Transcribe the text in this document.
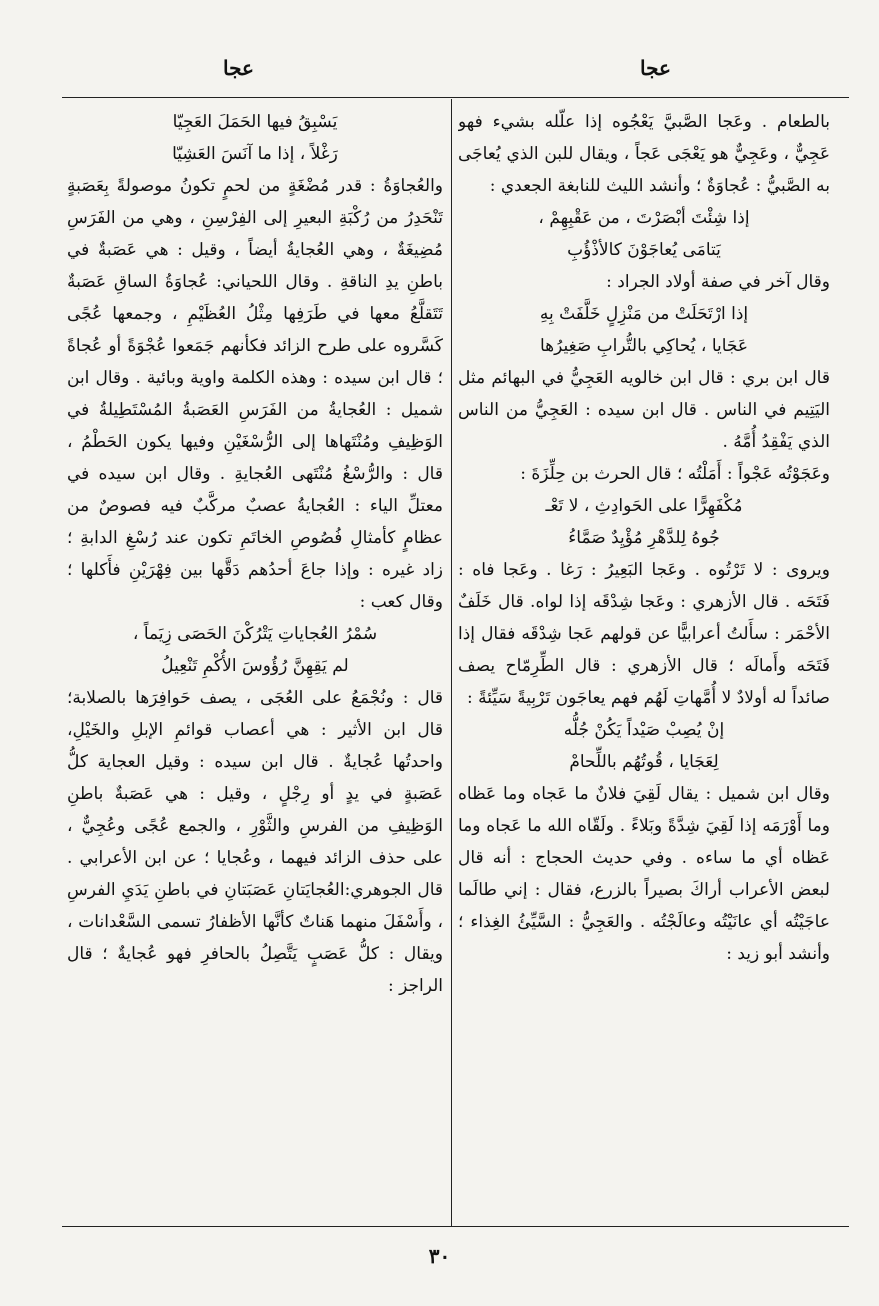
عجا
عجا

بالطعام . وعَجا الصَّبيَّ يَعْجُوه إذا علّله بشيء فهو عَجِيٌّ ، وعَجِيٌّ هو يَعْجَى عَجاً ، ويقال للبن الذي يُعاجَى به الصَّبيُّ : عُجاوَةٌ ؛ وأنشد الليث للنابغة الجعدي :

إذا شِئْتَ أبْصَرْتَ ، من عَقْبِهِمْ ،

يَتامَى يُعاجَوْنَ كالأذْؤُبِ

وقال آخر في صفة أولاد الجراد :

إذا ارْتَحَلَتْ من مَنْزِلٍ خَلَّفَتْ بِهِ

عَجَايا ، يُحاكِي بالتُّرابِ صَغِيرُها

قال ابن بري : قال ابن خالويه العَجِيُّ في البهائم مثل اليَتِيم في الناس . قال ابن سيده : العَجِيُّ من الناس الذي يَفْقِدُ أُمَّهُ .

وعَجَوْتُه عَجْواً : أَمَلْتُه ؛ قال الحرث بن حِلِّزَةَ :

مُكْفَهِرًّا على الحَوادِثِ ، لا تَعْـ

جُوهُ لِلدَّهْرِ مُؤْيِدٌ صَمَّاءُ

ويروى : لا تَرْتُوه . وعَجا البَعِيرُ : رَغا . وعَجا فاه : فَتَحَه . قال الأزهري : وعَجا شِدْقَه إذا لواه. قال خَلَفٌ الأحْمَر : سأَلتُ أعرابيًّا عن قولهم عَجا شِدْقَه فقال إذا فَتَحَه وأَمالَه ؛ قال الأزهري : قال الطِّرِمّاح يصف صائداً له أولادٌ لا أُمَّهاتِ لَهُم فهم يعاجَون تَرْبِيةً سَيِّئةً :

إنْ يُصِبْ صَيْداً يَكُنْ جُلُّه

لِعَجَايا ، قُوتُهُم باللِّحامْ

وقال ابن شميل : يقال لَقِيَ فلانٌ ما عَجاه وما عَظاه وما أَوْرَمَه إذا لَقِيَ شِدَّةً وبَلاءً . ولَقّاه الله ما عَجاه وما عَظاه أي ما ساءه . وفي حديث الحجاج : أنه قال لبعض الأعراب أراكَ بصيراً بالزرع، فقال : إني طالَما عاجَيْتُه أي عانَيْتُه وعالَجْتُه . والعَجِيُّ : السَّيِّئُ الغِذاء ؛ وأنشد أبو زيد :

يَسْبِقُ فيها الحَمَلَ العَجِيّا

رَغْلاً ، إذا ما آنَسَ العَشِيّا

والعُجاوَةُ : قدر مُضْغَةٍ من لحمٍ تكونُ موصولةً بِعَصَبةٍ تَنْحَدِرُ من رُكْبَةِ البعيرِ إلى الفِرْسِنِ ، وهي من الفَرَسِ مُضِيغَةٌ ، وهي العُجايةُ أيضاً ، وقيل : هي عَصَبةٌ في باطنِ يدِ الناقةِ . وقال اللحياني: عُجاوَةُ الساقِ عَصَبةٌ تَتَقلَّعُ معها في طَرَفِها مِثْلُ العُظَيْمِ ، وجمعها عُجًى كَسَّروه على طرح الزائد فكأنهم جَمَعوا عُجْوَةً أو عُجاةً ؛ قال ابن سيده : وهذه الكلمة واوية وبائية . وقال ابن شميل : العُجايةُ من الفَرَسِ العَصَبةُ المُسْتَطِيلةُ في الوَظِيفِ ومُنْتَهاها إلى الرُّسْغَيْنِ وفيها يكون الحَطْمُ ، قال : والرُّسْغُ مُنْتَهى العُجايةِ . وقال ابن سيده في معتلِّ الياء : العُجايةُ عصبٌ مركَّبٌ فيه فصوصٌ من عظامٍ كأمثالِ فُصُوصِ الخاتَمِ تكون عند رُسْغِ الدابةِ ؛ زاد غيره : وإذا جاعَ أحدُهم دَقَّها بين فِهْرَيْنِ فأَكلها ؛ وقال كعب :

سُمْرُ العُجاياتِ يَتْرُكْنَ الحَصَى زِيَماً ،

لم يَقِهِنَّ رُؤُوسَ الأُكْمِ تَنْعِيلُ

قال : ونُجْمَعُ على العُجَى ، يصف حَوافِرَها بالصلابة؛ قال ابن الأثير : هي أعصاب قوائمِ الإبلِ والخَيْلِ، واحدتُها عُجايةٌ . قال ابن سيده : وقيل العجاية كلُّ عَصَبةٍ في يدٍ أو رِجْلٍ ، وقيل : هي عَصَبةٌ باطنِ الوَظِيفِ من الفرسِ والثَّوْرِ ، والجمع عُجًى وعُجِيٌّ ، على حذف الزائد فيهما ، وعُجايا ؛ عن ابن الأعرابي . قال الجوهري:العُجايَتانِ عَصَبَتانِ في باطنِ يَدَيِ الفرسِ ، وأَسْفَلَ منهما هَناتٌ كأنَّها الأظفارُ تسمى السَّعْدانات ، ويقال : كلُّ عَصَبٍ يَتَّصِلُ بالحافرِ فهو عُجايةٌ ؛ قال الراجز :

٣٠
